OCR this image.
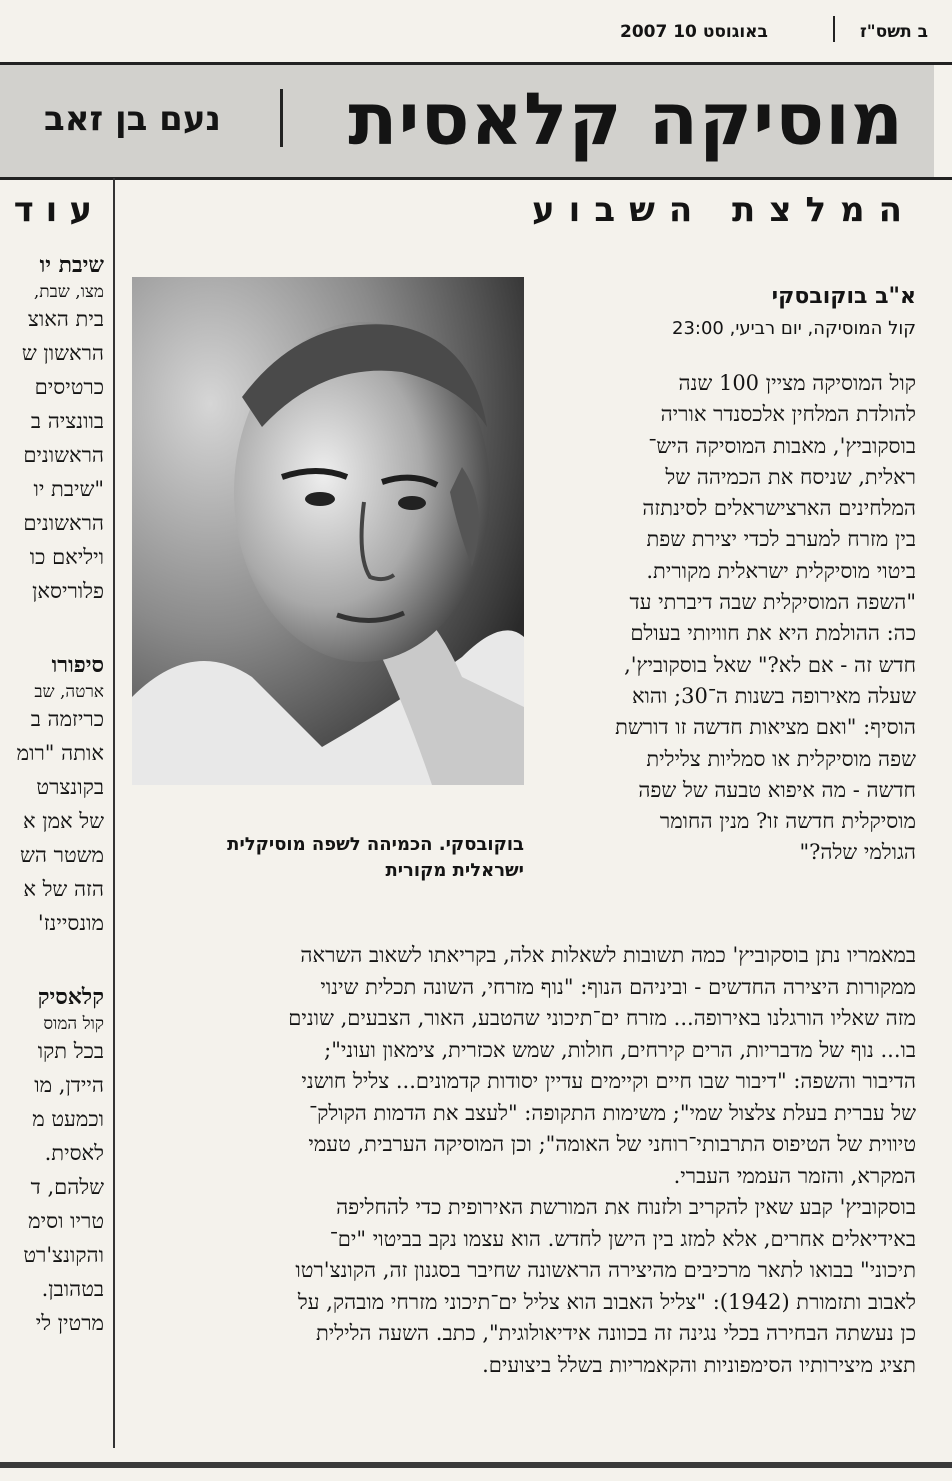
2007 10 באוגוסט	ב תשס"ז
מוסיקה קלאסית
נעם בן זאב
עוד
שיבת יו
מצו, שבת,
בית האוצ
הראשון ש
כרטיסים
בוונציה ב
הראשונים
"שיבת יו
הראשונים
ויליאם כו
פלוריסאן
סיפורו
ארטה, שב
כריזמה ב
אותה "רומ
בקונצרט
של אמן א
משטר הש
הזה של א
מונסיינז'
קלאסיק
קול המוס
בכל תקו
היידן, מו
וכמעט מ
לאסית.
שלהם, ד
טריו וסימ
והקונצ'רט
בטהובן.
מרטין לי
המלצת השבוע
בוקובסקי. הכמיהה לשפה מוסיקלית
ישראלית מקורית
א"ב בוקובסקי
קול המוסיקה, יום רביעי, 23:00
קול המוסיקה מציין 100 שנה
להולדת המלחין אלכסנדר אוריה
בוסקוביץ', מאבות המוסיקה היש־
ראלית, שניסח את הכמיהה של
המלחינים הארצישראלים לסינתזה
בין מזרח למערב לכדי יצירת שפת
ביטוי מוסיקלית ישראלית מקורית.
"השפה המוסיקלית שבה דיברתי עד
כה: ההולמת היא את חוויותי בעולם
חדש זה - אם לא?" שאל בוסקוביץ',
שעלה מאירופה בשנות ה־30; והוא
הוסיף: "ואם מציאות חדשה זו דורשת
שפה מוסיקלית או סמליות צלילית
חדשה - מה איפוא טבעה של שפה
מוסיקלית חדשה זו? מנין החומר
הגולמי שלה?"
במאמריו נתן בוסקוביץ' כמה תשובות לשאלות אלה, בקריאתו לשאוב השראה
ממקורות היצירה החדשים - וביניהם הנוף: "נוף מזרחי, השונה תכלית שינוי
מזה שאליו הורגלנו באירופה... מזרח ים־תיכוני שהטבע, האור, הצבעים, שונים
בו... נוף של מדבריות, הרים קירחים, חולות, שמש אכזרית, צימאון ועוני";
הדיבור והשפה: "דיבור שבו חיים וקיימים עדיין יסודות קדמונים... צליל חושני
של עברית בעלת צלצול שמי"; משימות התקופה: "לעצב את הדמות הקולק־
טיווית של הטיפוס התרבותי־רוחני של האומה"; וכן המוסיקה הערבית, טעמי
המקרא, והזמר העממי העברי.
בוסקוביץ' קבע שאין להקריב ולזנוח את המורשת האירופית כדי להחליפה
באידיאלים אחרים, אלא למזג בין הישן לחדש. הוא עצמו נקב בביטוי "ים־
תיכוני" בבואו לתאר מרכיבים מהיצירה הראשונה שחיבר בסגנון זה, הקונצ'רטו
לאבוב ותזמורת (1942): "צליל האבוב הוא צליל ים־תיכוני מזרחי מובהק, על
כן נעשתה הבחירה בכלי נגינה זה בכוונה אידיאולוגית", כתב. השעה הלילית
תציג מיצירותיו הסימפוניות והקאמריות בשלל ביצועים.
